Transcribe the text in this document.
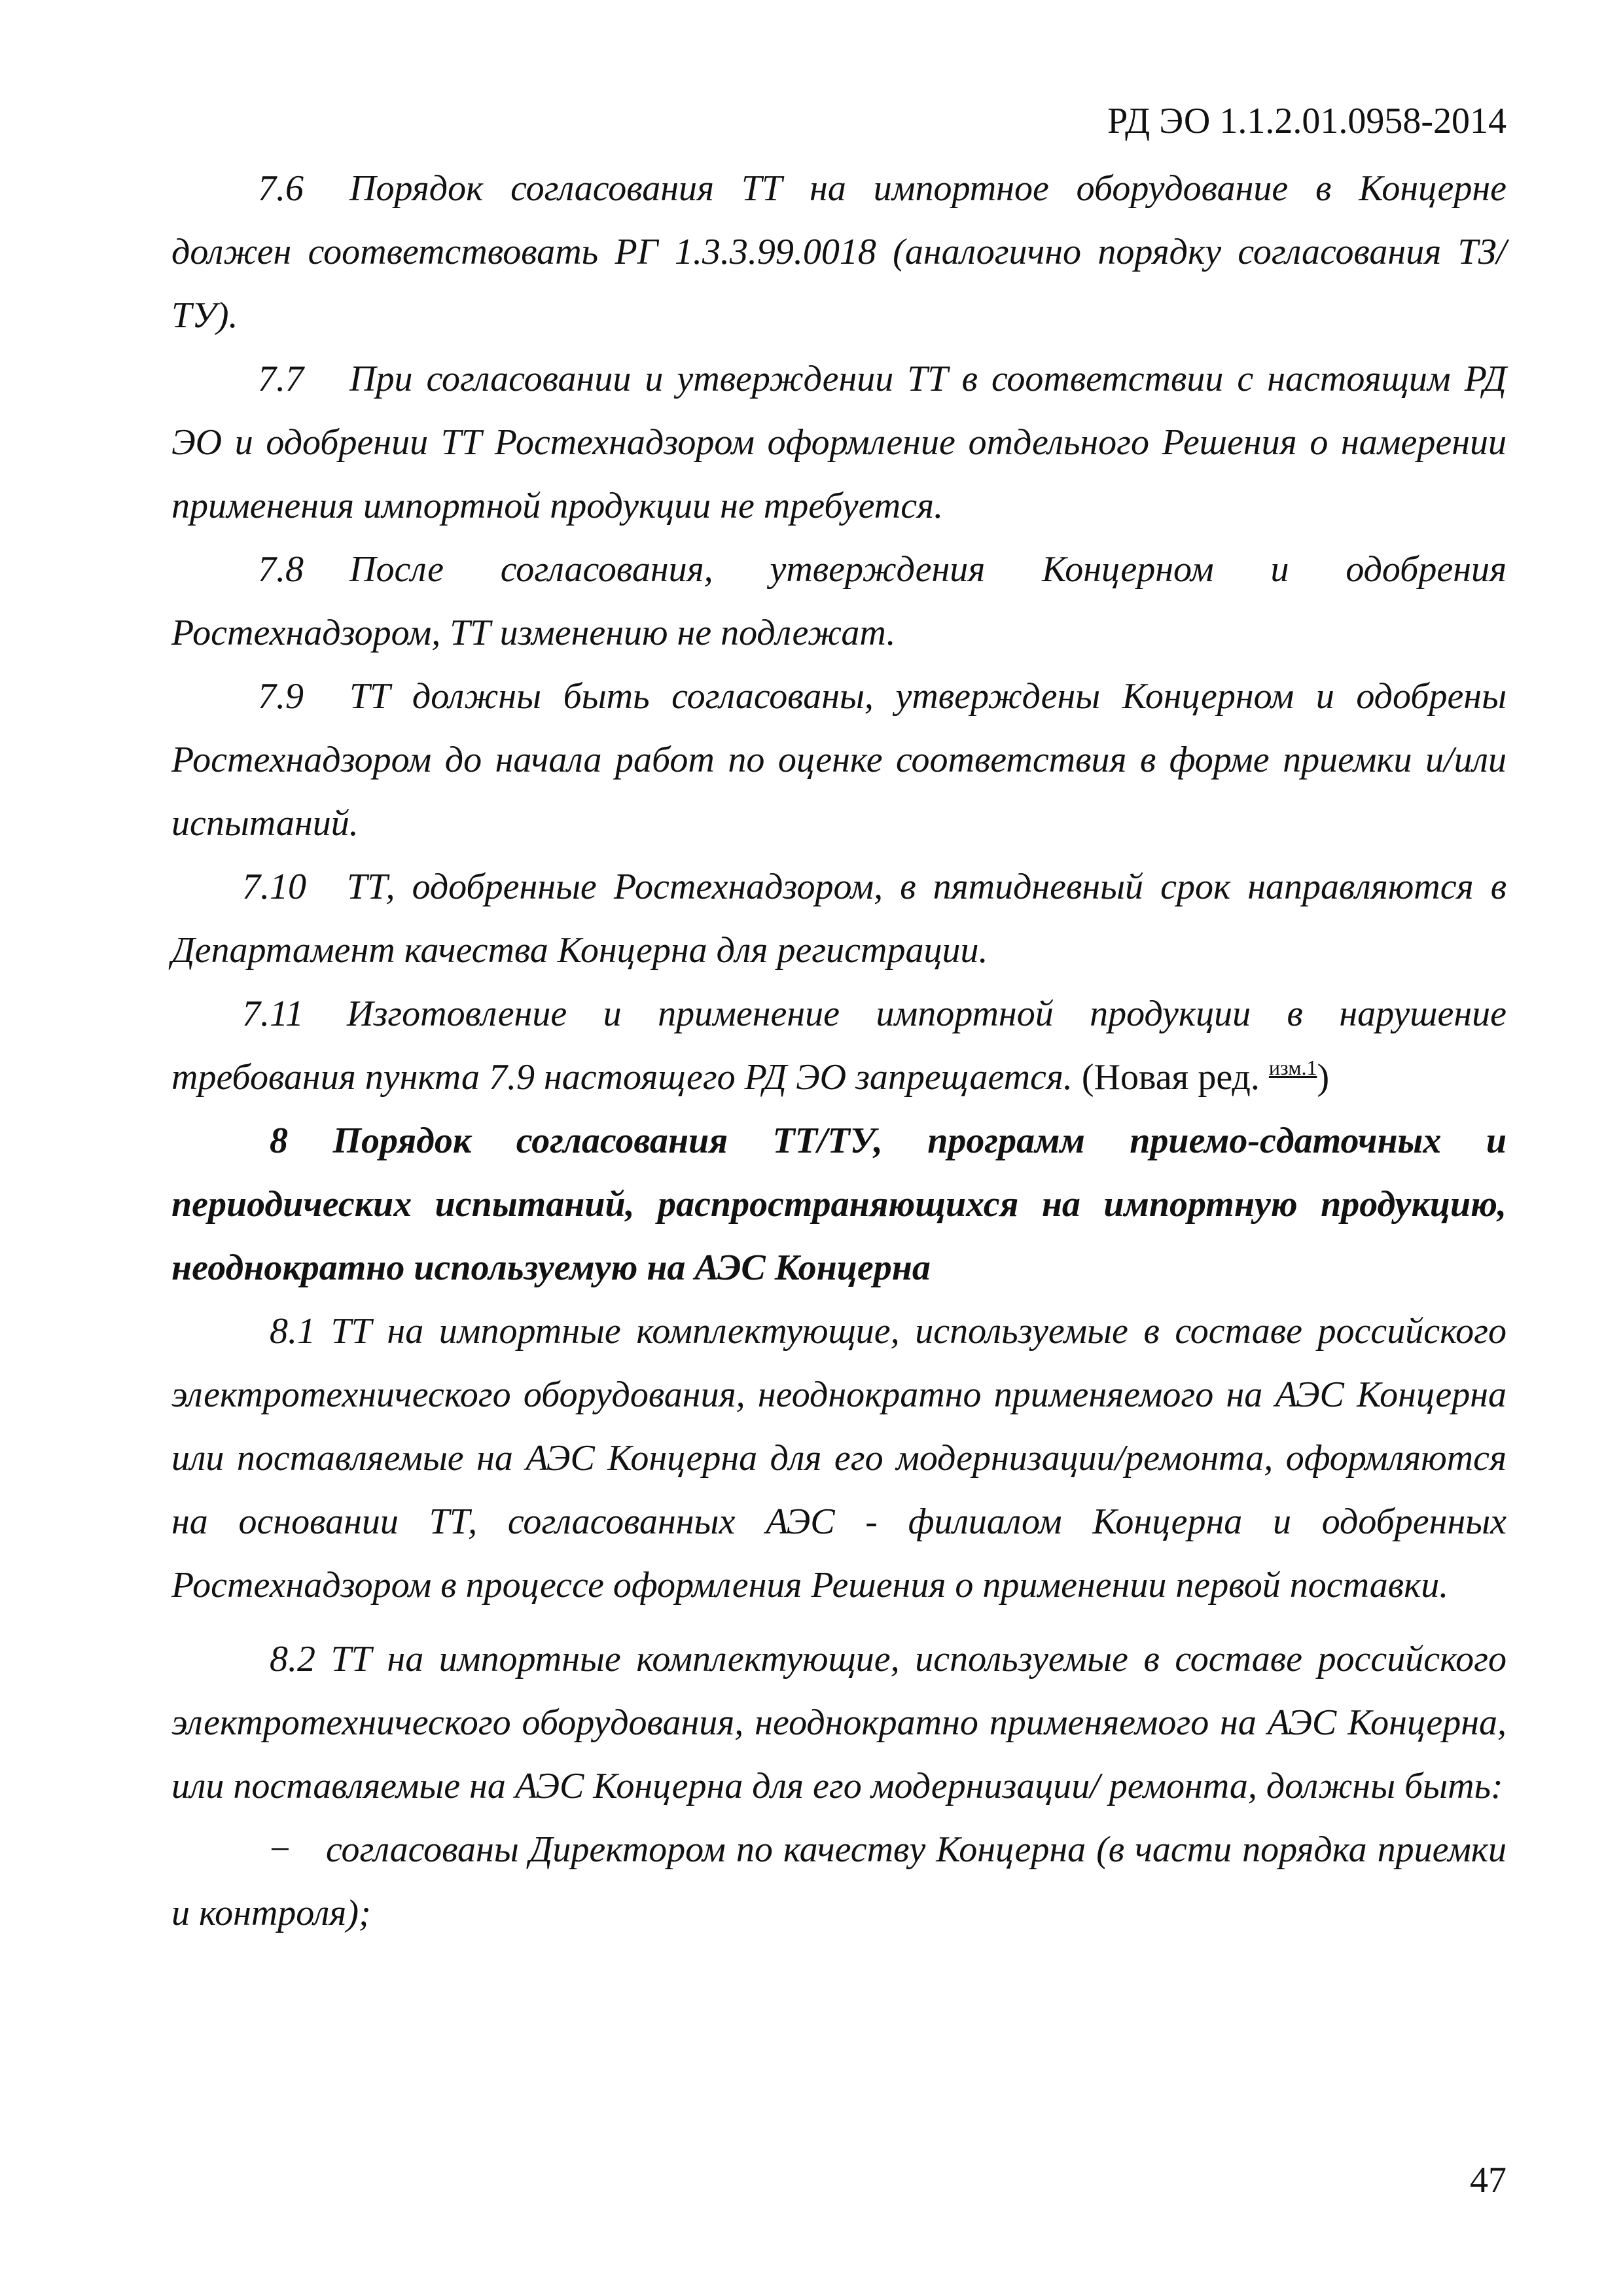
РД ЭО 1.1.2.01.0958-2014

7.6 Порядок согласования ТТ на импортное оборудование в Концерне должен соответствовать РГ 1.3.3.99.0018 (аналогично порядку согласования ТЗ/ТУ).

7.7 При согласовании и утверждении ТТ в соответствии с настоящим РД ЭО и одобрении ТТ Ростехнадзором оформление отдельного Решения о намерении применения импортной продукции не требуется.

7.8 После согласования, утверждения Концерном и одобрения Ростехнадзором, ТТ изменению не подлежат.

7.9 ТТ должны быть согласованы, утверждены Концерном и одобрены Ростехнадзором до начала работ по оценке соответствия в форме приемки и/или испытаний.

7.10 ТТ, одобренные Ростехнадзором, в пятидневный срок направляются в Департамент качества Концерна для регистрации.

7.11 Изготовление и применение импортной продукции в нарушение требования пункта 7.9 настоящего РД ЭО запрещается. (Новая ред. $^{изм.1}$)

8 Порядок согласования ТТ/ТУ, программ приемо-сдаточных и периодических испытаний, распространяющихся на импортную продукцию, неоднократно используемую на АЭС Концерна

8.1 ТТ на импортные комплектующие, используемые в составе российского электротехнического оборудования, неоднократно применяемого на АЭС Концерна или поставляемые на АЭС Концерна для его модернизации/ремонта, оформляются на основании ТТ, согласованных АЭС - филиалом Концерна и одобренных Ростехнадзором в процессе оформления Решения о применении первой поставки.

8.2 ТТ на импортные комплектующие, используемые в составе российского электротехнического оборудования, неоднократно применяемого на АЭС Концерна, или поставляемые на АЭС Концерна для его модернизации/ ремонта, должны быть:

− согласованы Директором по качеству Концерна (в части порядка приемки и контроля);

47
